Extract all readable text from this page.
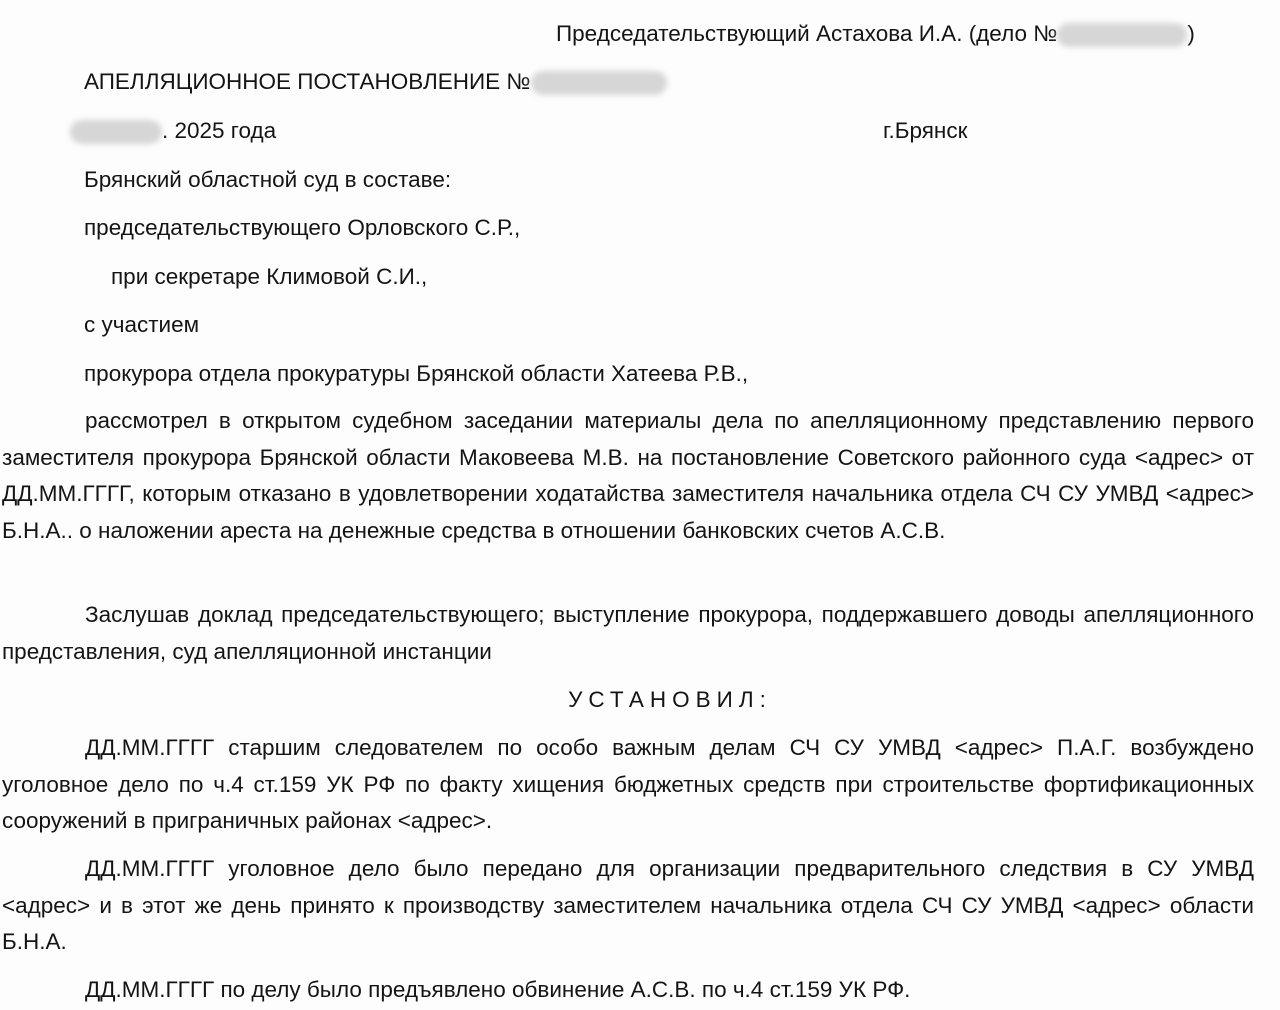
Председательствующий Астахова И.А. (дело №	)
АПЕЛЛЯЦИОННОЕ ПОСТАНОВЛЕНИЕ №
. 2025 года	г.Брянск
Брянский областной суд в составе:
председательствующего Орловского С.Р.,
при секретаре Климовой С.И.,
с участием
прокурора отдела прокуратуры Брянской области Хатеева Р.В.,
рассмотрел в открытом судебном заседании материалы дела по апелляционному представлению первого заместителя прокурора Брянской области Маковеева М.В. на постановление Советского районного суда <адрес> от ДД.ММ.ГГГГ, которым отказано в удовлетворении ходатайства заместителя начальника отдела СЧ СУ УМВД <адрес> Б.Н.А.. о наложении ареста на денежные средства в отношении банковских счетов А.С.В.
Заслушав доклад председательствующего; выступление прокурора, поддержавшего доводы апелляционного представления, суд апелляционной инстанции
УСТАНОВИЛ:
ДД.ММ.ГГГГ старшим следователем по особо важным делам СЧ СУ УМВД <адрес> П.А.Г. возбуждено уголовное дело по ч.4 ст.159 УК РФ по факту хищения бюджетных средств при строительстве фортификационных сооружений в приграничных районах <адрес>.
ДД.ММ.ГГГГ уголовное дело было передано для организации предварительного следствия в СУ УМВД <адрес> и в этот же день принято к производству заместителем начальника отдела СЧ СУ УМВД <адрес> области Б.Н.А.
ДД.ММ.ГГГГ по делу было предъявлено обвинение А.С.В. по ч.4 ст.159 УК РФ.
